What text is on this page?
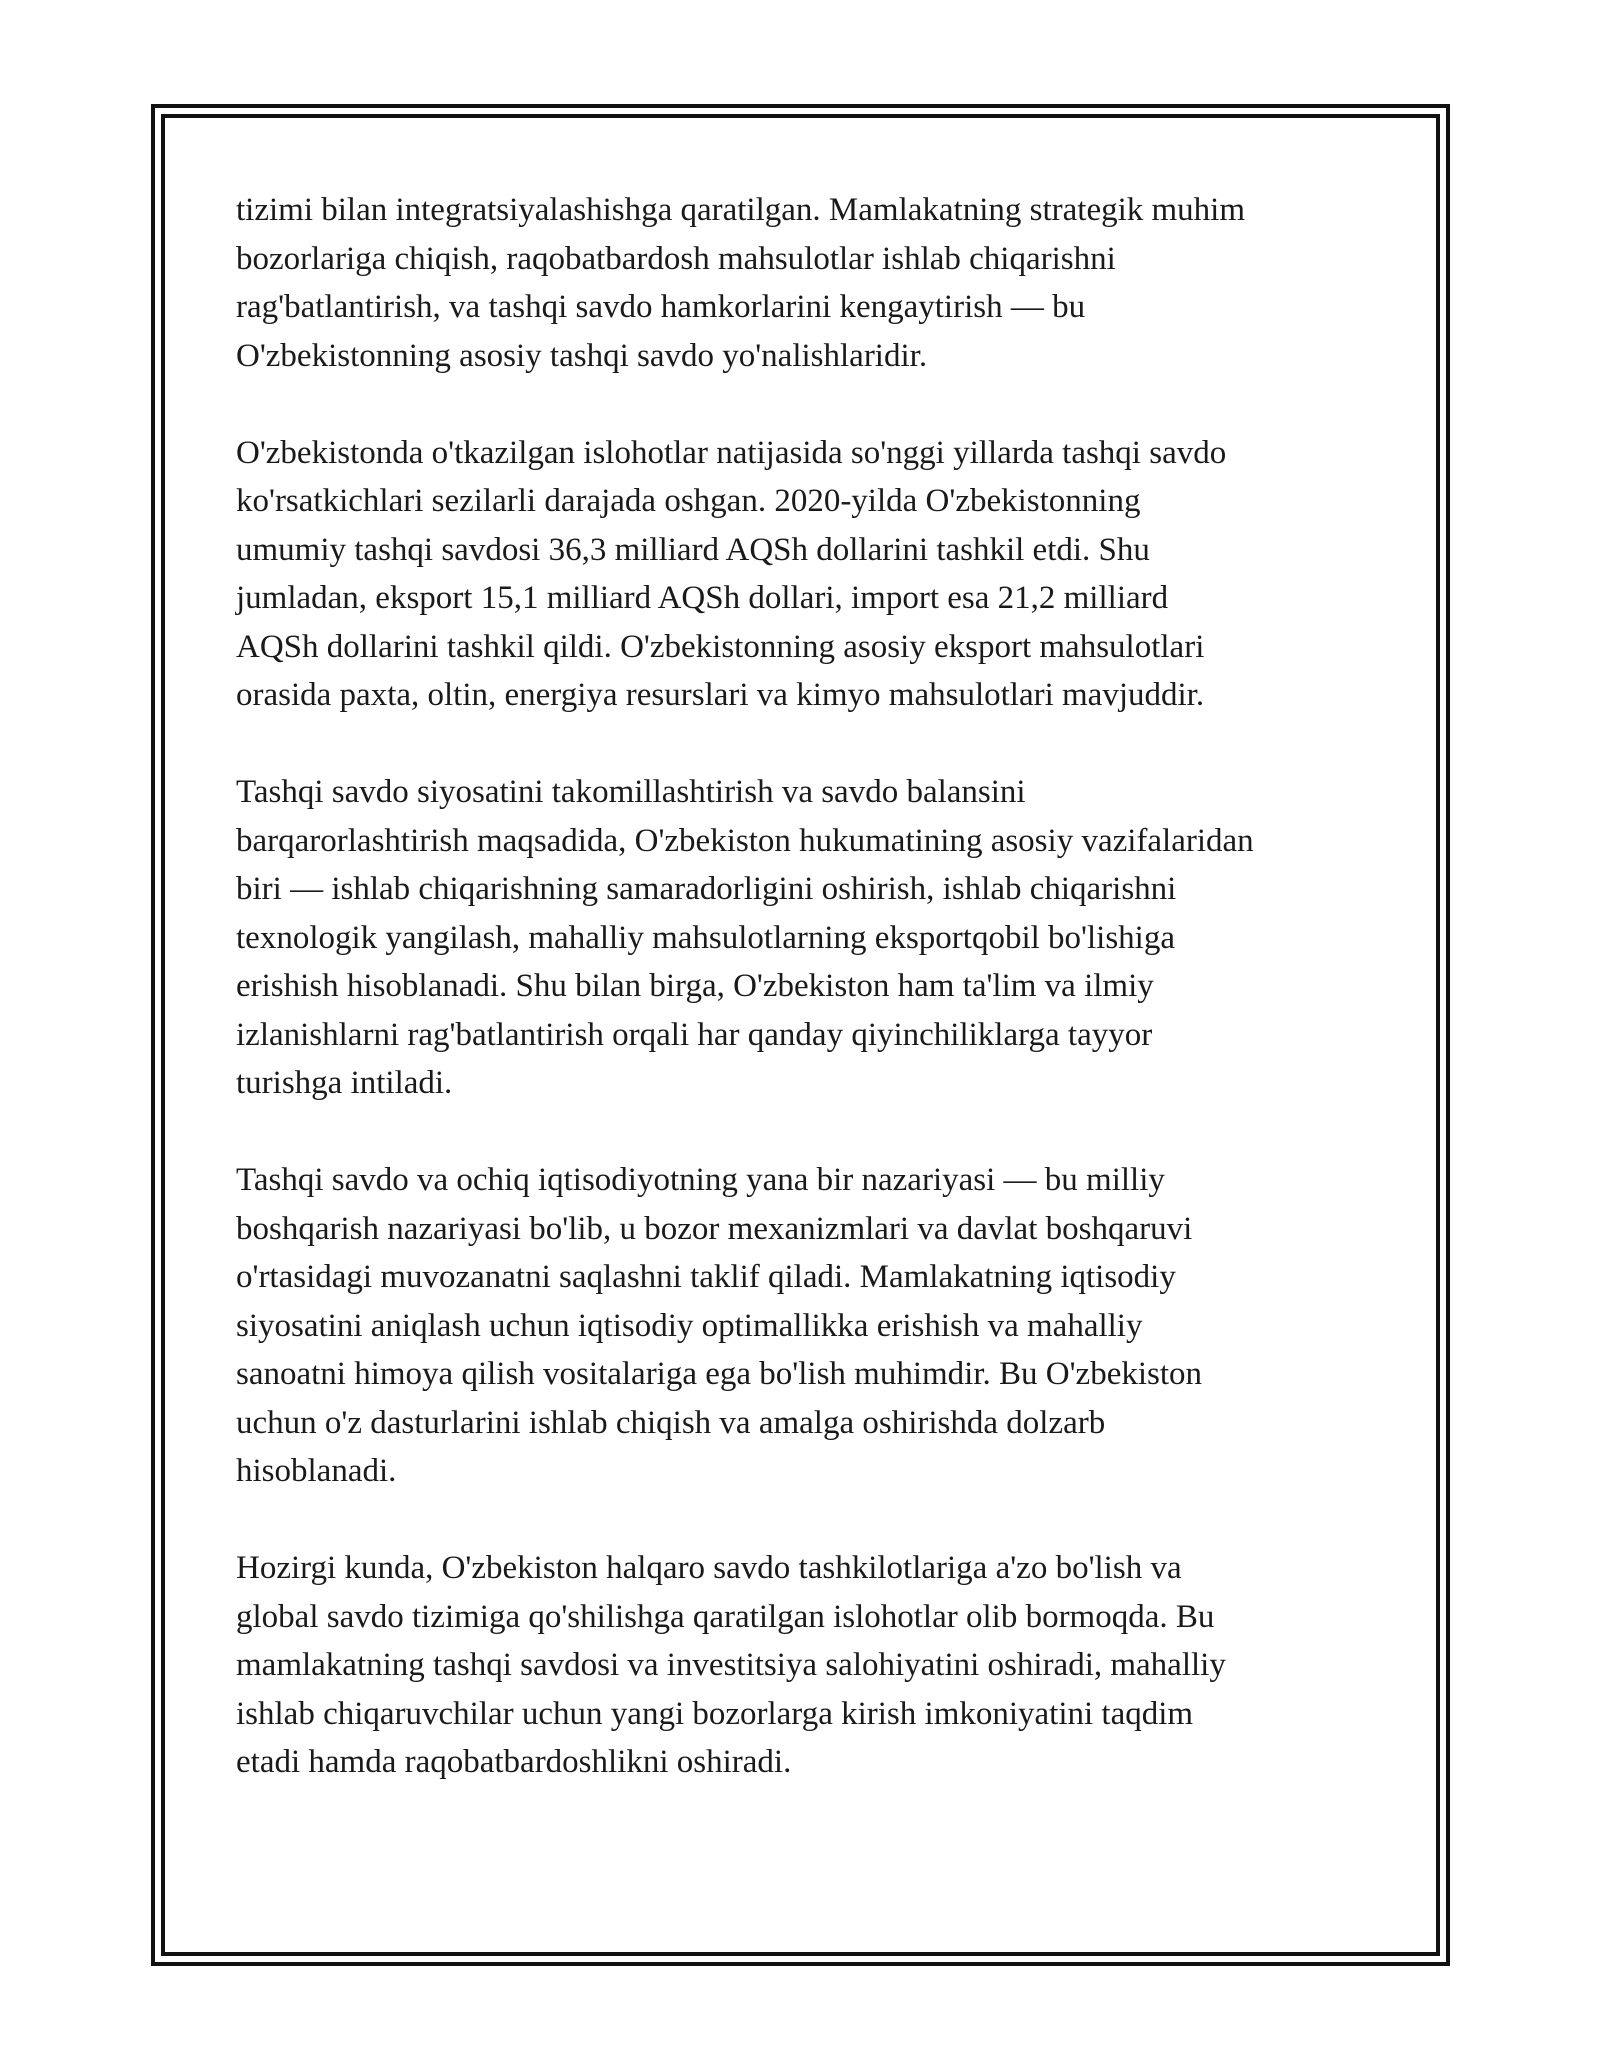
tizimi bilan integratsiyalashishga qaratilgan. Mamlakatning strategik muhim
bozorlariga chiqish, raqobatbardosh mahsulotlar ishlab chiqarishni
rag'batlantirish, va tashqi savdo hamkorlarini kengaytirish — bu
O'zbekistonning asosiy tashqi savdo yo'nalishlaridir.

O'zbekistonda o'tkazilgan islohotlar natijasida so'nggi yillarda tashqi savdo
ko'rsatkichlari sezilarli darajada oshgan. 2020-yilda O'zbekistonning
umumiy tashqi savdosi 36,3 milliard AQSh dollarini tashkil etdi. Shu
jumladan, eksport 15,1 milliard AQSh dollari, import esa 21,2 milliard
AQSh dollarini tashkil qildi. O'zbekistonning asosiy eksport mahsulotlari
orasida paxta, oltin, energiya resurslari va kimyo mahsulotlari mavjuddir.

Tashqi savdo siyosatini takomillashtirish va savdo balansini
barqarorlashtirish maqsadida, O'zbekiston hukumatining asosiy vazifalaridan
biri — ishlab chiqarishning samaradorligini oshirish, ishlab chiqarishni
texnologik yangilash, mahalliy mahsulotlarning eksportqobil bo'lishiga
erishish hisoblanadi. Shu bilan birga, O'zbekiston ham ta'lim va ilmiy
izlanishlarni rag'batlantirish orqali har qanday qiyinchiliklarga tayyor
turishga intiladi.

Tashqi savdo va ochiq iqtisodiyotning yana bir nazariyasi — bu milliy
boshqarish nazariyasi bo'lib, u bozor mexanizmlari va davlat boshqaruvi
o'rtasidagi muvozanatni saqlashni taklif qiladi. Mamlakatning iqtisodiy
siyosatini aniqlash uchun iqtisodiy optimallikka erishish va mahalliy
sanoatni himoya qilish vositalariga ega bo'lish muhimdir. Bu O'zbekiston
uchun o'z dasturlarini ishlab chiqish va amalga oshirishda dolzarb
hisoblanadi.

Hozirgi kunda, O'zbekiston halqaro savdo tashkilotlariga a'zo bo'lish va
global savdo tizimiga qo'shilishga qaratilgan islohotlar olib bormoqda. Bu
mamlakatning tashqi savdosi va investitsiya salohiyatini oshiradi, mahalliy
ishlab chiqaruvchilar uchun yangi bozorlarga kirish imkoniyatini taqdim
etadi hamda raqobatbardoshlikni oshiradi.
